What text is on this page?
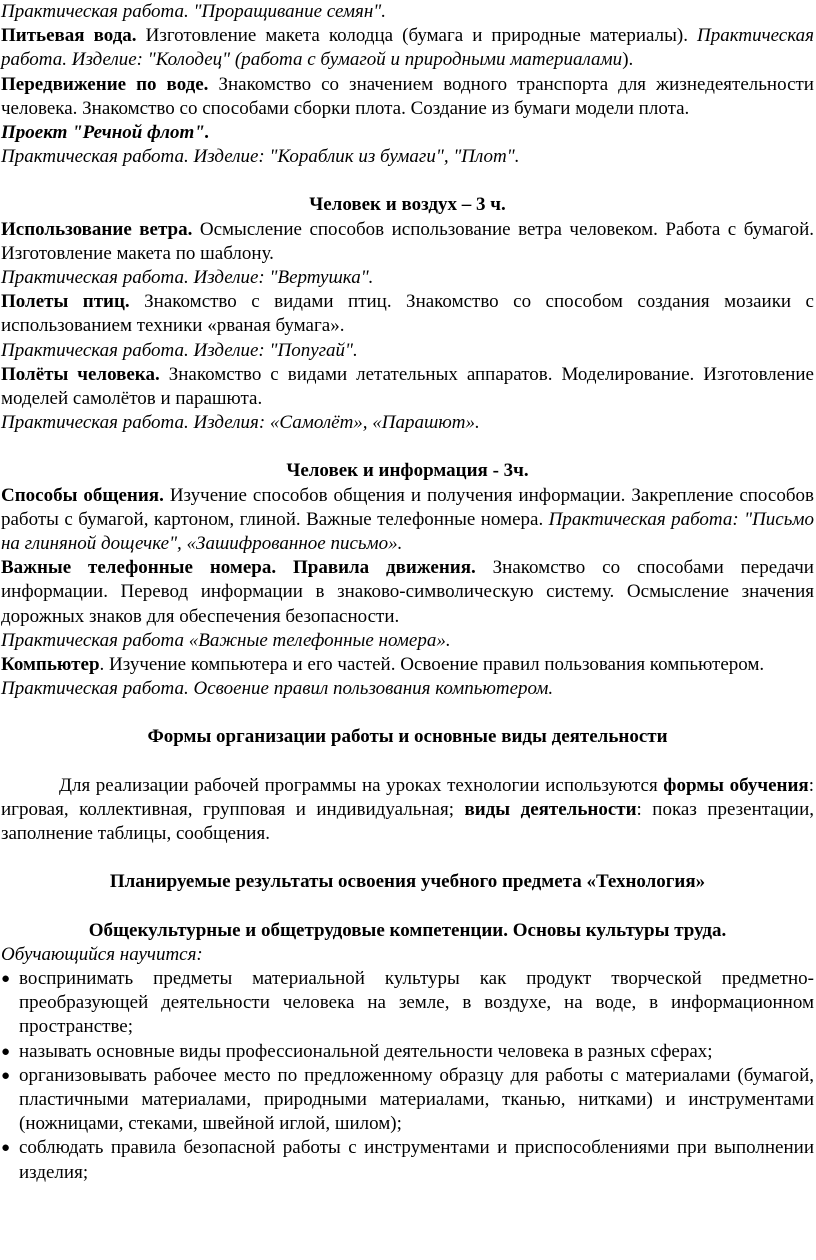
Практическая работа. "Проращивание семян".

Питьевая вода. Изготовление макета колодца (бумага и природные материалы). Практическая работа. Изделие: "Колодец" (работа с бумагой и природными материалами).

Передвижение по воде. Знакомство со значением водного транспорта для жизнедеятельности человека. Знакомство со способами сборки плота. Создание из бумаги модели плота.

Проект "Речной флот".

Практическая работа. Изделие: "Кораблик из бумаги", "Плот".

Человек и воздух – 3 ч.

Использование ветра. Осмысление способов использование ветра человеком. Работа с бумагой. Изготовление макета по шаблону.

Практическая работа. Изделие: "Вертушка".

Полеты птиц. Знакомство с видами птиц. Знакомство со способом создания мозаики с использованием техники «рваная бумага».

Практическая работа. Изделие: "Попугай".

Полёты человека. Знакомство с видами летательных аппаратов. Моделирование. Изготовление моделей самолётов и парашюта.

Практическая работа. Изделия: «Самолёт», «Парашют».

Человек и информация - 3ч.

Способы общения. Изучение способов общения и получения информации. Закрепление способов работы с бумагой, картоном, глиной. Важные телефонные номера. Практическая работа: "Письмо на глиняной дощечке", «Зашифрованное письмо».

Важные телефонные номера. Правила движения. Знакомство со способами передачи информации. Перевод информации в знаково-символическую систему. Осмысление значения дорожных знаков для обеспечения безопасности.

Практическая работа «Важные телефонные номера».

Компьютер. Изучение компьютера и его частей. Освоение правил пользования компьютером.

Практическая работа. Освоение правил пользования компьютером.

Формы организации работы и основные виды деятельности

Для реализации рабочей программы на уроках технологии используются формы обучения: игровая, коллективная, групповая и индивидуальная; виды деятельности: показ презентации, заполнение таблицы, сообщения.

Планируемые результаты освоения учебного предмета «Технология»

Общекультурные и общетрудовые компетенции. Основы культуры труда.

Обучающийся научится:

● воспринимать предметы материальной культуры как продукт творческой предметно-преобразующей деятельности человека на земле, в воздухе, на воде, в информационном пространстве;
● называть основные виды профессиональной деятельности человека в разных сферах;
● организовывать рабочее место по предложенному образцу для работы с материалами (бумагой, пластичными материалами, природными материалами, тканью, нитками) и инструментами (ножницами, стеками, швейной иглой, шилом);
● соблюдать правила безопасной работы с инструментами и приспособлениями при выполнении изделия;
